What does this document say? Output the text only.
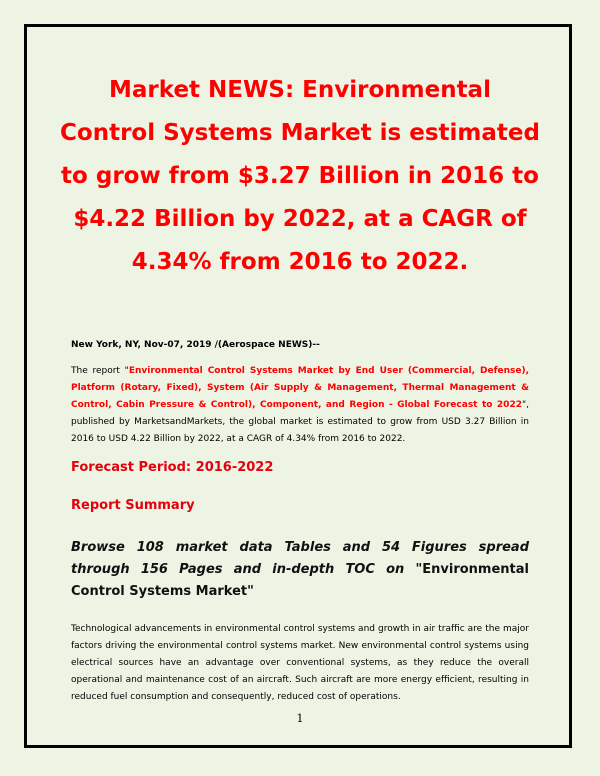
Market NEWS: Environmental Control Systems Market is estimated to grow from $3.27 Billion in 2016 to $4.22 Billion by 2022, at a CAGR of 4.34% from 2016 to 2022.
New York, NY, Nov-07, 2019 /(Aerospace NEWS)--

The report "Environmental Control Systems Market by End User (Commercial, Defense), Platform (Rotary, Fixed), System (Air Supply & Management, Thermal Management & Control, Cabin Pressure & Control), Component, and Region - Global Forecast to 2022", published by MarketsandMarkets, the global market is estimated to grow from USD 3.27 Billion in 2016 to USD 4.22 Billion by 2022, at a CAGR of 4.34% from 2016 to 2022.

Forecast Period: 2016-2022
Report Summary

Browse 108 market data Tables and 54 Figures spread through 156 Pages and in-depth TOC on "Environmental Control Systems Market"

Technological advancements in environmental control systems and growth in air traffic are the major factors driving the environmental control systems market. New environmental control systems using electrical sources have an advantage over conventional systems, as they reduce the overall operational and maintenance cost of an aircraft. Such aircraft are more energy efficient, resulting in reduced fuel consumption and consequently, reduced cost of operations.

1
